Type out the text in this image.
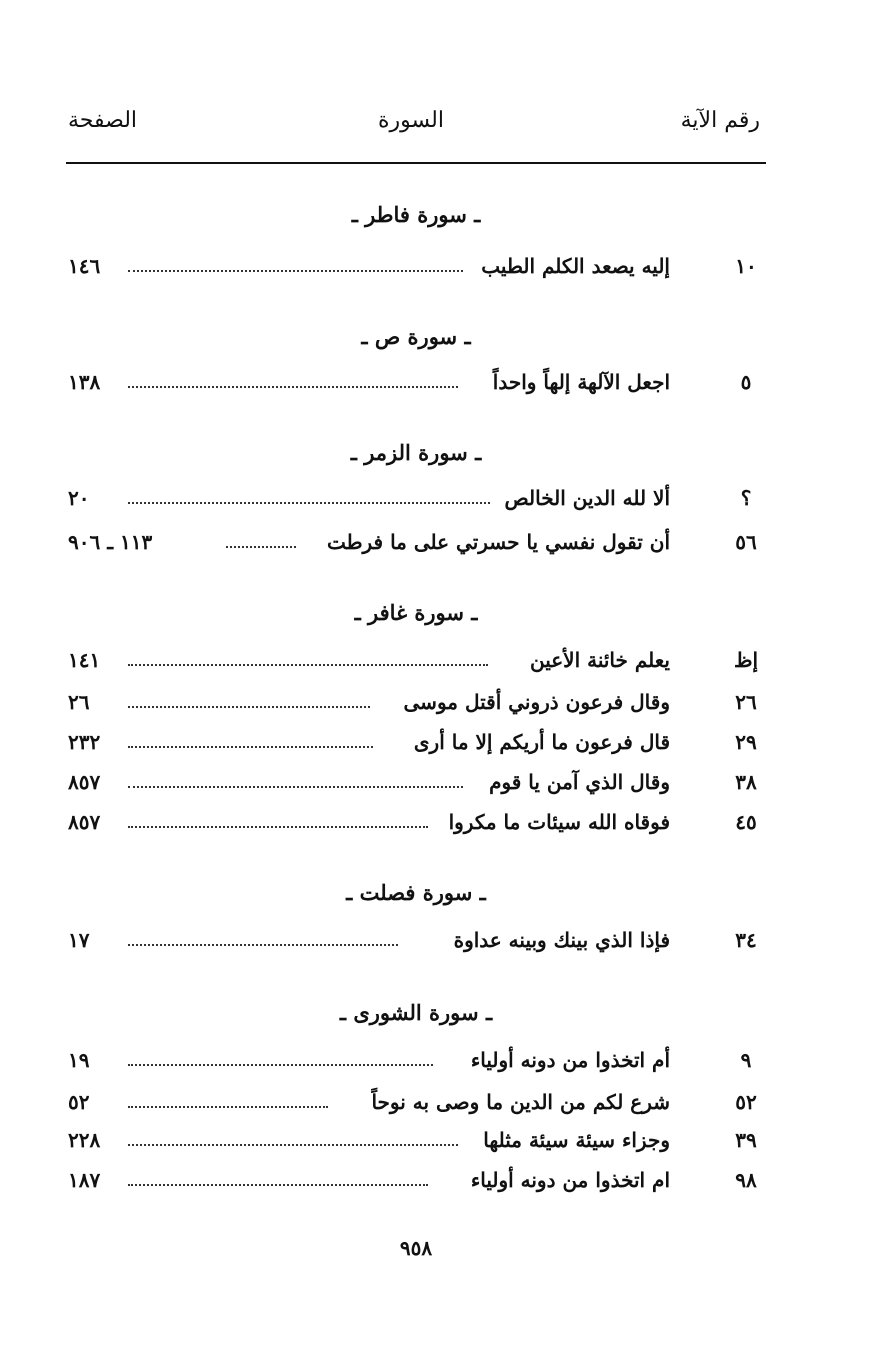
رقم الآية
السورة
الصفحة
ـ سورة فاطر ـ
١٠
إليه يصعد الكلم الطيب
١٤٦
ـ سورة ص ـ
٥
اجعل الآلهة إلهاً واحداً
١٣٨
ـ سورة الزمر ـ
؟
ألا لله الدين الخالص
٢٠
٥٦
أن تقول نفسي يا حسرتي على ما فرطت
١١٣ ـ ٩٠٦
ـ سورة غافر ـ
إظ
يعلم خائنة الأعين
١٤١
٢٦
وقال فرعون ذروني أقتل موسى
٢٦
٢٩
قال فرعون ما أريكم إلا ما أرى
٢٣٢
٣٨
وقال الذي آمن يا قوم
٨٥٧
٤٥
فوقاه الله سيئات ما مكروا
٨٥٧
ـ سورة فصلت ـ
٣٤
فإذا الذي بينك وبينه عداوة
١٧
ـ سورة الشورى ـ
٩
أم اتخذوا من دونه أولياء
١٩
٥٢
شرع لكم من الدين ما وصى به نوحاً
٥٢
٣٩
وجزاء سيئة سيئة مثلها
٢٢٨
٩٨
ام اتخذوا من دونه أولياء
١٨٧
٩٥٨
